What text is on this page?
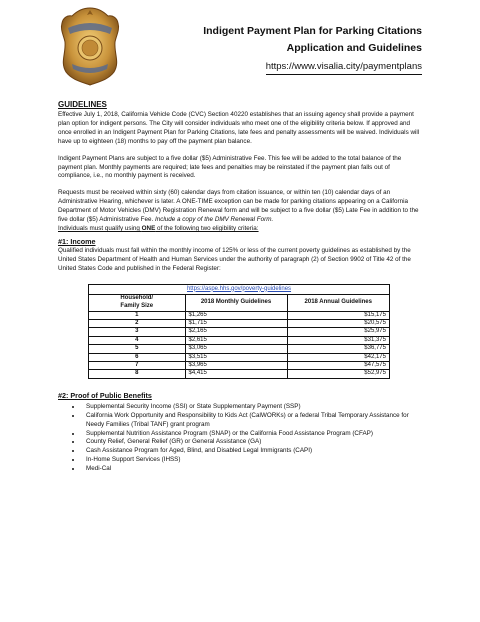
Indigent Payment Plan for Parking Citations
Application and Guidelines
https://www.visalia.city/paymentplans
GUIDELINES

Effective July 1, 2018, California Vehicle Code (CVC) Section 40220 establishes that an issuing agency shall provide a payment plan option for indigent persons. The City will consider individuals who meet one of the eligibility criteria below. If approved and once enrolled in an Indigent Payment Plan for Parking Citations, late fees and penalty assessments will be waived. Individuals will have up to eighteen (18) months to pay off the payment plan balance.

Indigent Payment Plans are subject to a five dollar ($5) Administrative Fee. This fee will be added to the total balance of the payment plan. Monthly payments are required; late fees and penalties may be reinstated if the payment plan falls out of compliance, i.e., no monthly payment is received.

Requests must be received within sixty (60) calendar days from citation issuance, or within ten (10) calendar days of an Administrative Hearing, whichever is later. A ONE-TIME exception can be made for parking citations appearing on a California Department of Motor Vehicles (DMV) Registration Renewal form and will be subject to a five dollar ($5) Late Fee in addition to the five dollar ($5) Administrative Fee. Include a copy of the DMV Renewal Form.

Individuals must qualify using ONE of the following two eligibility criteria:

#1: Income

Qualified individuals must fall within the monthly income of 125% or less of the current poverty guidelines as established by the United States Department of Health and Human Services under the authority of paragraph (2) of Section 9902 of Title 42 of the United States Code and published in the Federal Register:

https://aspe.hhs.gov/poverty-guidelines
Household/
Family Size	2018 Monthly Guidelines	2018 Annual Guidelines
1	$1,265	$15,175
2	$1,715	$20,575
3	$2,165	$25,975
4	$2,615	$31,375
5	$3,065	$36,775
6	$3,515	$42,175
7	$3,965	$47,575
8	$4,415	$52,975
#2: Proof of Public Benefits
• Supplemental Security Income (SSI) or State Supplementary Payment (SSP)
• California Work Opportunity and Responsibility to Kids Act (CalWORKs) or a federal Tribal Temporary Assistance for Needy Families (Tribal TANF) grant program
• Supplemental Nutrition Assistance Program (SNAP) or the California Food Assistance Program (CFAP)
• County Relief, General Relief (GR) or General Assistance (GA)
• Cash Assistance Program for Aged, Blind, and Disabled Legal Immigrants (CAPI)
• In-Home Support Services (IHSS)
• Medi-Cal
